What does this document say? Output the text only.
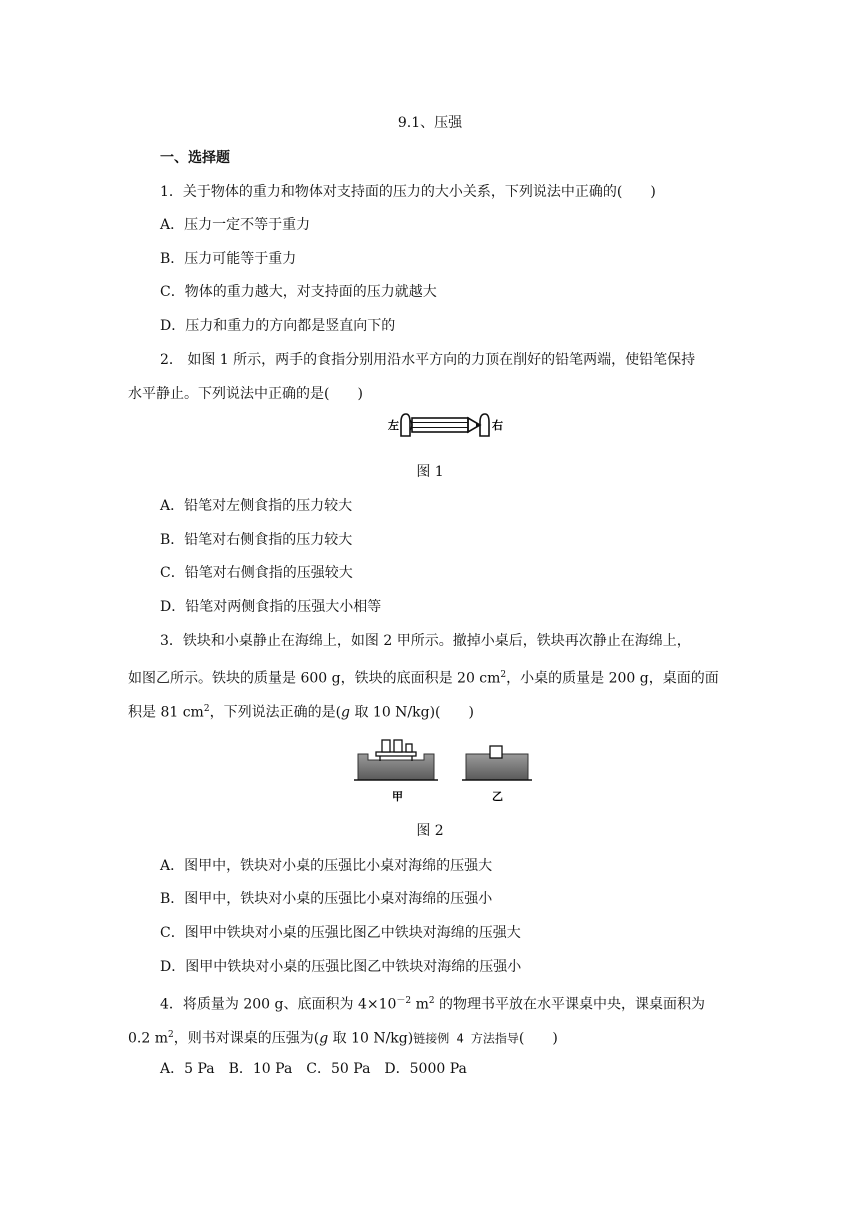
9.1、压强
一、选择题
1．关于物体的重力和物体对支持面的压力的大小关系，下列说法中正确的(　　)
A．压力一定不等于重力
B．压力可能等于重力
C．物体的重力越大，对支持面的压力就越大
D．压力和重力的方向都是竖直向下的
2． 如图 1 所示，两手的食指分别用沿水平方向的力顶在削好的铅笔两端，使铅笔保持
水平静止。下列说法中正确的是(　　)
左	右
图 1
A．铅笔对左侧食指的压力较大
B．铅笔对右侧食指的压力较大
C．铅笔对右侧食指的压强较大
D．铅笔对两侧食指的压强大小相等
3．铁块和小桌静止在海绵上，如图 2 甲所示。撤掉小桌后，铁块再次静止在海绵上，
如图乙所示。铁块的质量是 600 g，铁块的底面积是 20 $cm^2$，小桌的质量是 200 g，桌面的面
积是 81 $cm^2$，下列说法正确的是(g 取 10 N/kg)(　　)
甲	乙
图 2
A．图甲中，铁块对小桌的压强比小桌对海绵的压强大
B．图甲中，铁块对小桌的压强比小桌对海绵的压强小
C．图甲中铁块对小桌的压强比图乙中铁块对海绵的压强大
D．图甲中铁块对小桌的压强比图乙中铁块对海绵的压强小
4．将质量为 200 g、底面积为 $4\times 10^{-2}$ $m^2$ 的物理书平放在水平课桌中央，课桌面积为
0.2 $m^2$，则书对课桌的压强为(g 取 10 N/kg)链接例 4 方法指导(　　)
A．5 Pa　B．10 Pa　C．50 Pa　D．5000 Pa
